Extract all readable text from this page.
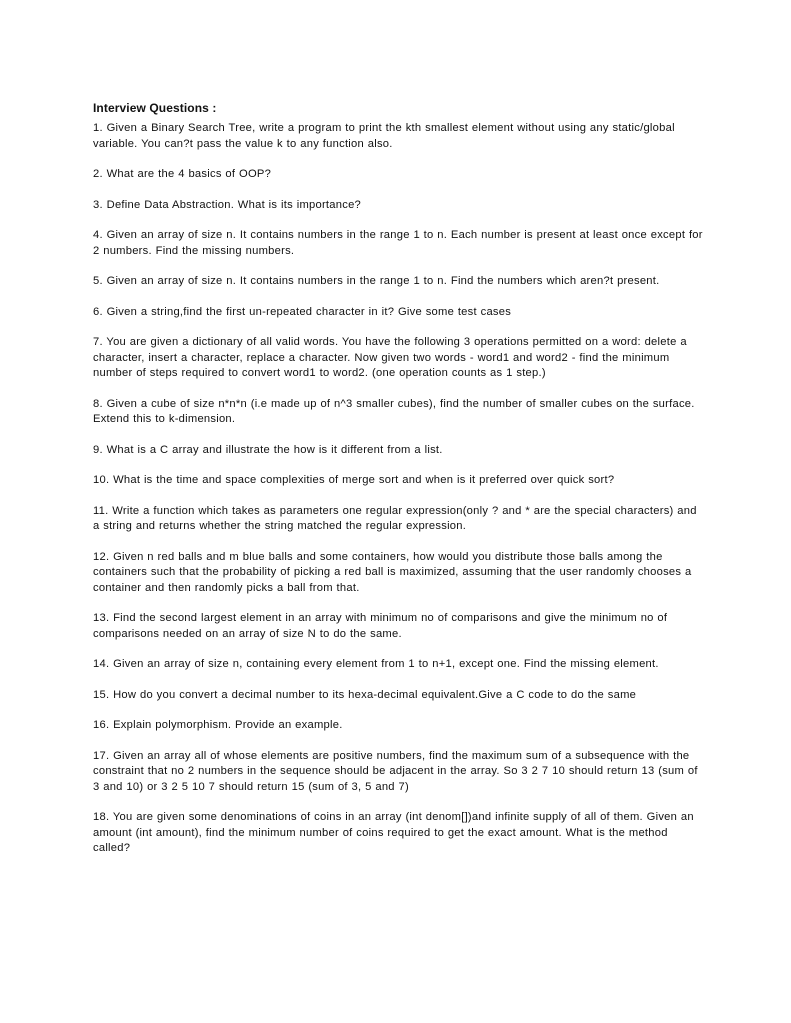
Interview Questions :
1. Given a Binary Search Tree, write a program to print the kth smallest element without using any static/global variable. You can?t pass the value k to any function also.
2. What are the 4 basics of OOP?
3. Define Data Abstraction. What is its importance?
4. Given an array of size n. It contains numbers in the range 1 to n. Each number is present at least once except for 2 numbers. Find the missing numbers.
5. Given an array of size n. It contains numbers in the range 1 to n. Find the numbers which aren?t present.
6. Given a string,find the first un-repeated character in it? Give some test cases
7. You are given a dictionary of all valid words. You have the following 3 operations permitted on a word: delete a character, insert a character, replace a character. Now given two words - word1 and word2 - find the minimum number of steps required to convert word1 to word2. (one operation counts as 1 step.)
8. Given a cube of size n*n*n (i.e made up of n^3 smaller cubes), find the number of smaller cubes on the surface. Extend this to k-dimension.
9. What is a C array and illustrate the how is it different from a list.
10. What is the time and space complexities of merge sort and when is it preferred over quick sort?
11. Write a function which takes as parameters one regular expression(only ? and * are the special characters) and a string and returns whether the string matched the regular expression.
12. Given n red balls and m blue balls and some containers, how would you distribute those balls among the containers such that the probability of picking a red ball is maximized, assuming that the user randomly chooses a container and then randomly picks a ball from that.
13. Find the second largest element in an array with minimum no of comparisons and give the minimum no of comparisons needed on an array of size N to do the same.
14. Given an array of size n, containing every element from 1 to n+1, except one. Find the missing element.
15. How do you convert a decimal number to its hexa-decimal equivalent.Give a C code to do the same
16. Explain polymorphism. Provide an example.
17. Given an array all of whose elements are positive numbers, find the maximum sum of a subsequence with the constraint that no 2 numbers in the sequence should be adjacent in the array. So 3 2 7 10 should return 13 (sum of 3 and 10) or 3 2 5 10 7 should return 15 (sum of 3, 5 and 7)
18. You are given some denominations of coins in an array (int denom[])and infinite supply of all of them. Given an amount (int amount), find the minimum number of coins required to get the exact amount. What is the method called?
